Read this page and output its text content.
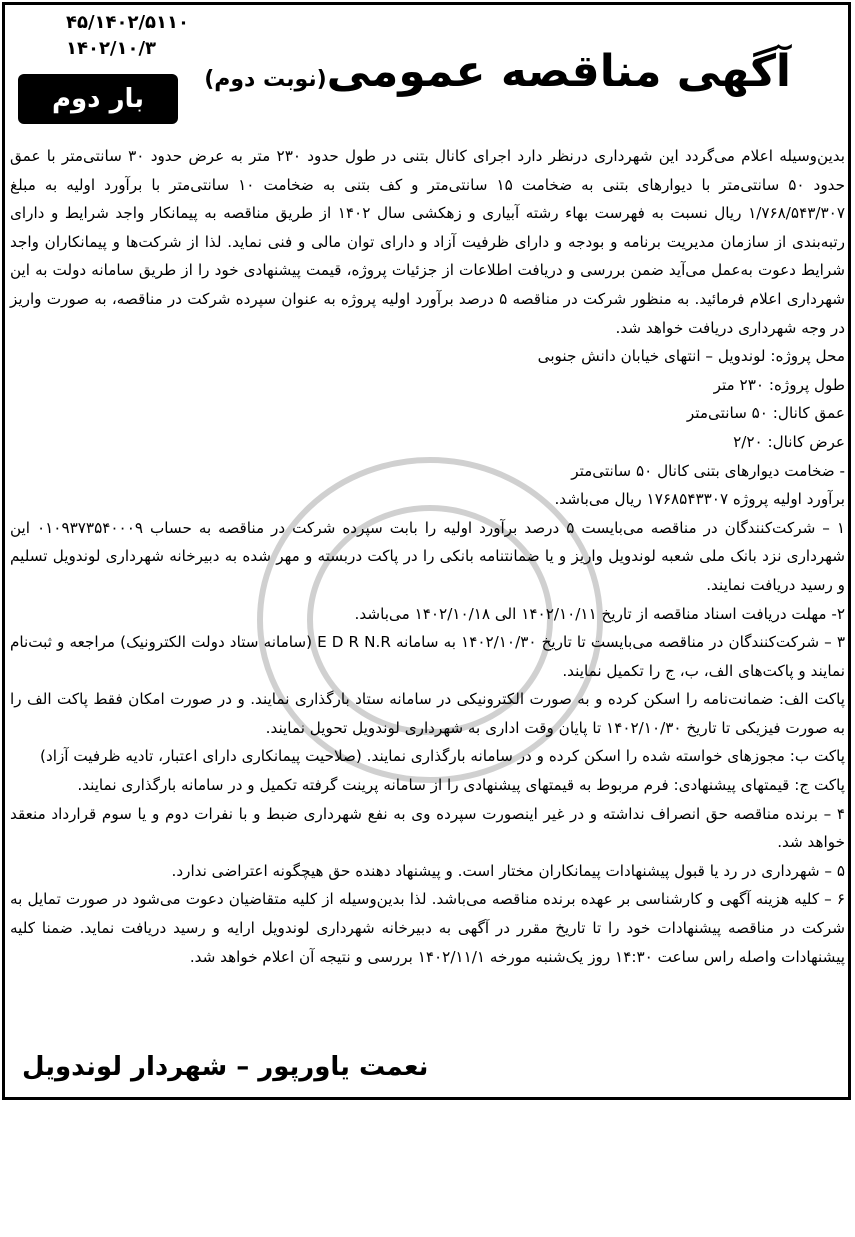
۴۵/۱۴۰۲/۵۱۱۰
۱۴۰۲/۱۰/۳	آگهی مناقصه عمومی(نوبت دوم)
بار دوم

بدین‌وسیله اعلام می‌گردد این شهرداری درنظر دارد اجرای کانال بتنی در طول حدود ۲۳۰ متر به عرض حدود ۳۰ سانتی‌متر با عمق حدود ۵۰ سانتی‌متر با دیوارهای بتنی به ضخامت ۱۵ سانتی‌متر و کف بتنی به ضخامت ۱۰ سانتی‌متر با برآورد اولیه به مبلغ ۱/۷۶۸/۵۴۳/۳۰۷ ریال نسبت به فهرست بهاء رشته آبیاری و زهکشی سال ۱۴۰۲ از طریق مناقصه به پیمانکار واجد شرایط و دارای رتبه‌بندی از سازمان مدیریت برنامه و بودجه و دارای ظرفیت آزاد و دارای توان مالی و فنی نماید. لذا از شرکت‌ها و پیمانکاران واجد شرایط دعوت به‌عمل می‌آید ضمن بررسی و دریافت اطلاعات از جزئیات پروژه، قیمت پیشنهادی خود را از طریق سامانه دولت به این شهرداری اعلام فرمائید. به منظور شرکت در مناقصه ۵ درصد برآورد اولیه پروژه به عنوان سپرده شرکت در مناقصه، به صورت واریز در وجه شهرداری دریافت خواهد شد.

محل پروژه: لوندویل – انتهای خیابان دانش جنوبی

طول پروژه: ۲۳۰ متر

عمق کانال: ۵۰ سانتی‌متر

عرض کانال: ۲/۲۰

- ضخامت دیوارهای بتنی کانال ۵۰ سانتی‌متر

برآورد اولیه پروژه ۱۷۶۸۵۴۳۳۰۷ ریال می‌باشد.

۱ – شرکت‌کنندگان در مناقصه می‌بایست ۵ درصد برآورد اولیه را بابت سپرده شرکت در مناقصه به حساب ۰۱۰۹۳۷۳۵۴۰۰۰۹ این شهرداری نزد بانک ملی شعبه لوندویل واریز و یا ضمانتنامه بانکی را در پاکت دربسته و مهر شده به دبیرخانه شهرداری لوندویل تسلیم و رسید دریافت نمایند.

۲- مهلت دریافت اسناد مناقصه از تاریخ ۱۴۰۲/۱۰/۱۱ الی ۱۴۰۲/۱۰/۱۸ می‌باشد.

۳ – شرکت‌کنندگان در مناقصه می‌بایست تا تاریخ ۱۴۰۲/۱۰/۳۰ به سامانه E D R N.R (سامانه ستاد دولت الکترونیک) مراجعه و ثبت‌نام نمایند و پاکت‌های الف، ب، ج را تکمیل نمایند.

پاکت الف: ضمانت‌نامه را اسکن کرده و به صورت الکترونیکی در سامانه ستاد بارگذاری نمایند. و در صورت امکان فقط پاکت الف را به صورت فیزیکی تا تاریخ ۱۴۰۲/۱۰/۳۰ تا پایان وقت اداری به شهرداری لوندویل تحویل نمایند.

پاکت ب: مجوزهای خواسته شده را اسکن کرده و در سامانه بارگذاری نمایند. (صلاحیت پیمانکاری دارای اعتبار، تادیه ظرفیت آزاد)

پاکت ج: قیمتهای پیشنهادی: فرم مربوط به قیمتهای پیشنهادی را از سامانه پرینت گرفته تکمیل و در سامانه بارگذاری نمایند.

۴ – برنده مناقصه حق انصراف نداشته و در غیر اینصورت سپرده وی به نفع شهرداری ضبط و با نفرات دوم و یا سوم قرارداد منعقد خواهد شد.

۵ – شهرداری در رد یا قبول پیشنهادات پیمانکاران مختار است. و پیشنهاد دهنده حق هیچگونه اعتراضی ندارد.

۶ – کلیه هزینه آگهی و کارشناسی بر عهده برنده مناقصه می‌باشد. لذا بدین‌وسیله از کلیه متقاضیان دعوت می‌شود در صورت تمایل به شرکت در مناقصه پیشنهادات خود را تا تاریخ مقرر در آگهی به دبیرخانه شهرداری لوندویل ارایه و رسید دریافت نماید. ضمنا کلیه پیشنهادات واصله راس ساعت ۱۴:۳۰ روز یک‌شنبه مورخه ۱۴۰۲/۱۱/۱ بررسی و نتیجه آن اعلام خواهد شد.

نعمت یاورپور – شهردار لوندویل
